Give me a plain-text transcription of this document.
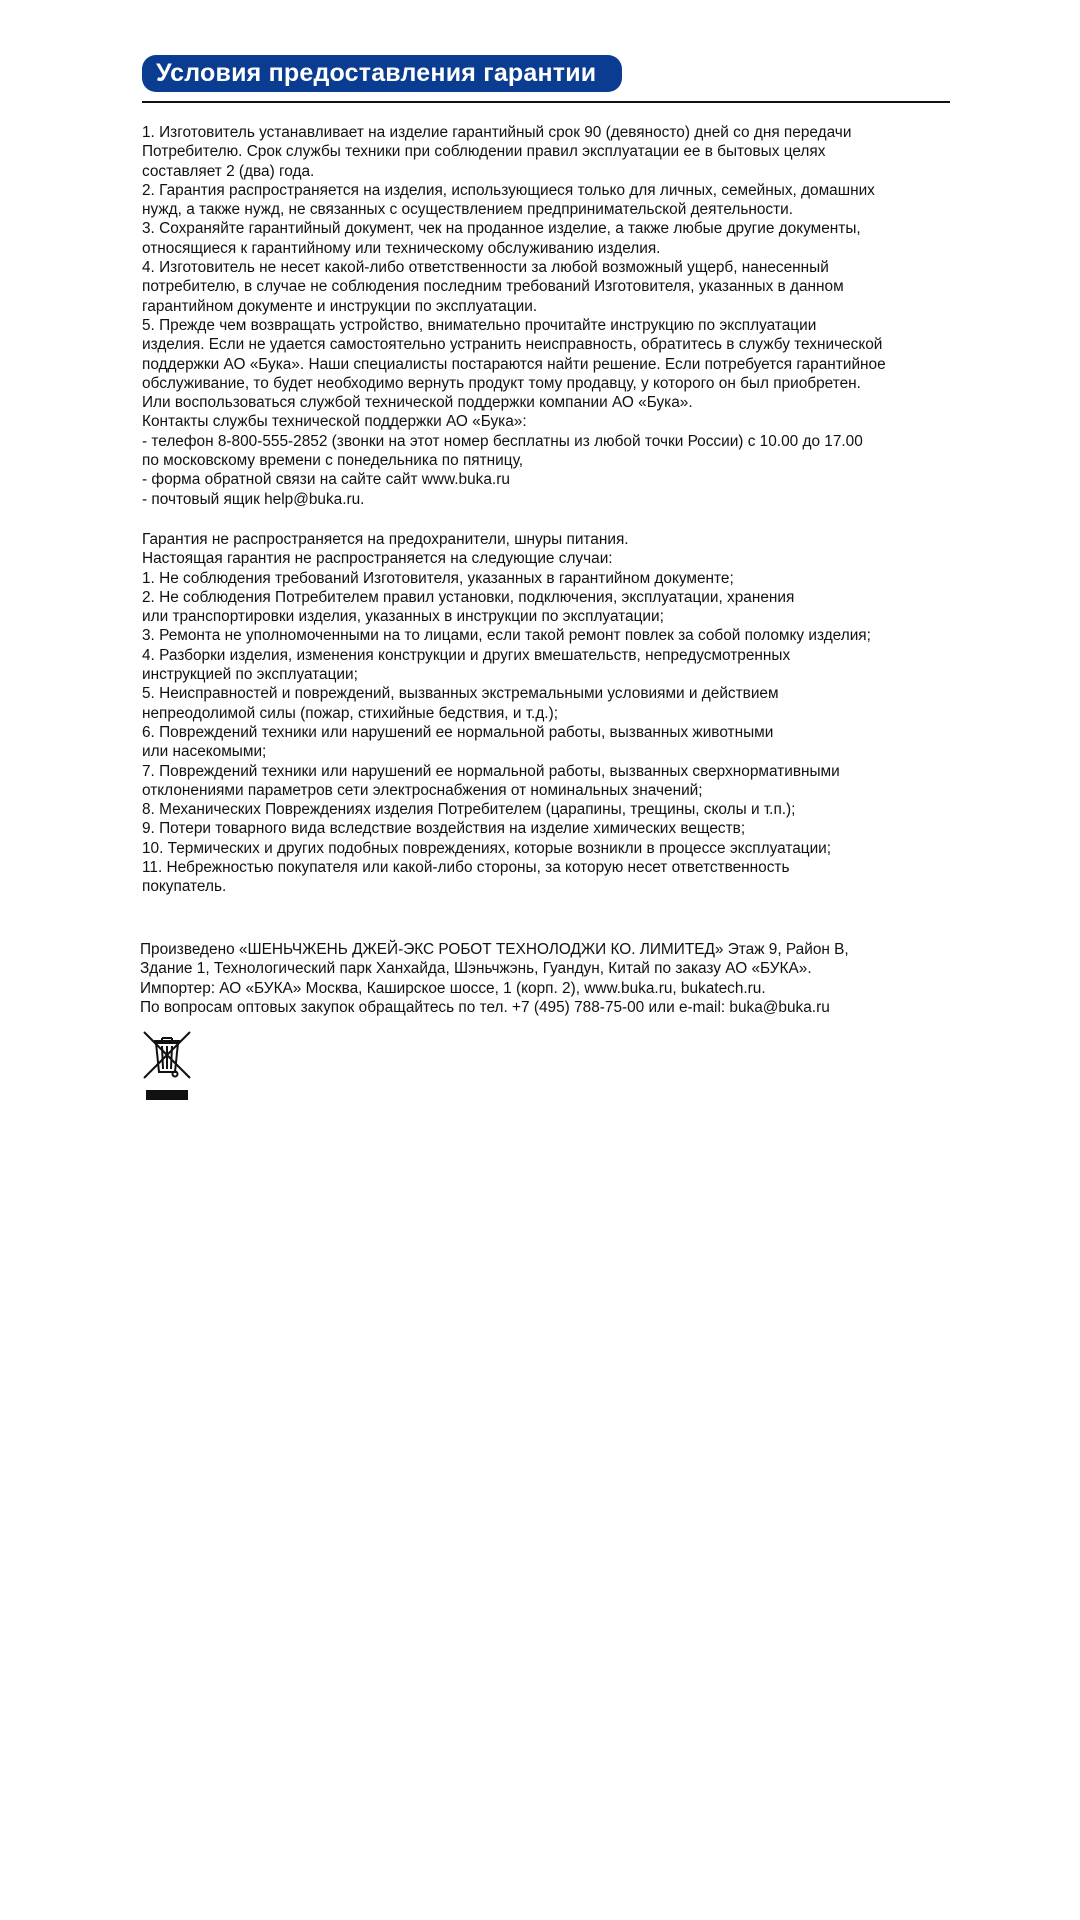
Условия предоставления гарантии

1. Изготовитель устанавливает на изделие гарантийный срок 90 (девяносто) дней со дня передачи

Потребителю. Срок службы техники при соблюдении правил эксплуатации ее в бытовых целях

составляет 2 (два) года.

2. Гарантия распространяется на изделия, использующиеся только для личных, семейных, домашних

нужд, а также нужд, не связанных с осуществлением предпринимательской деятельности.

3. Сохраняйте гарантийный документ, чек на проданное изделие, а также любые другие документы,

относящиеся к гарантийному или техническому обслуживанию изделия.

4. Изготовитель не несет какой-либо ответственности за любой возможный ущерб, нанесенный

потребителю, в случае не соблюдения последним требований Изготовителя, указанных в данном

гарантийном документе и инструкции по эксплуатации.

5. Прежде чем возвращать устройство, внимательно прочитайте инструкцию по эксплуатации

изделия. Если не удается самостоятельно устранить неисправность, обратитесь в службу технической

поддержки АО «Бука». Наши специалисты постараются найти решение. Если потребуется гарантийное

обслуживание, то будет необходимо вернуть продукт тому продавцу, у которого он был приобретен.

Или воспользоваться службой технической поддержки компании АО «Бука».

Контакты службы технической поддержки АО «Бука»:

- телефон 8-800-555-2852 (звонки на этот номер бесплатны из любой точки России) с 10.00 до 17.00

по московскому времени с понедельника по пятницу,

- форма обратной связи на сайте сайт www.buka.ru

- почтовый ящик help@buka.ru.

Гарантия не распространяется на предохранители, шнуры питания.

Настоящая гарантия не распространяется на следующие случаи:

1. Не соблюдения требований Изготовителя, указанных в гарантийном документе;

2. Не соблюдения Потребителем правил установки, подключения, эксплуатации, хранения

или транспортировки изделия, указанных в инструкции по эксплуатации;

3. Ремонта не уполномоченными на то лицами, если такой ремонт повлек за собой поломку изделия;

4. Разборки изделия, изменения конструкции и других вмешательств, непредусмотренных

инструкцией по эксплуатации;

5. Неисправностей и повреждений, вызванных экстремальными условиями и действием

непреодолимой силы (пожар, стихийные бедствия, и т.д.);

6. Повреждений техники или нарушений ее нормальной работы, вызванных животными

или насекомыми;

7. Повреждений техники или нарушений ее нормальной работы, вызванных сверхнормативными

отклонениями параметров сети электроснабжения от номинальных значений;

8. Механических Повреждениях изделия Потребителем (царапины, трещины, сколы и т.п.);

9. Потери товарного вида вследствие воздействия на изделие химических веществ;

10. Термических и других подобных повреждениях, которые возникли в процессе эксплуатации;

11. Небрежностью покупателя или какой-либо стороны, за которую несет ответственность

покупатель.

Произведено «ШЕНЬЧЖЕНЬ ДЖЕЙ-ЭКС РОБОТ ТЕХНОЛОДЖИ КО. ЛИМИТЕД» Этаж 9, Район B,

Здание 1, Технологический парк Ханхайда, Шэньчжэнь, Гуандун, Китай по заказу АО «БУКА».

Импортер: АО «БУКА» Москва, Каширское шоссе, 1 (корп. 2), www.buka.ru, bukatech.ru.

По вопросам оптовых закупок обращайтесь по тел. +7 (495) 788-75-00 или e-mail: buka@buka.ru
